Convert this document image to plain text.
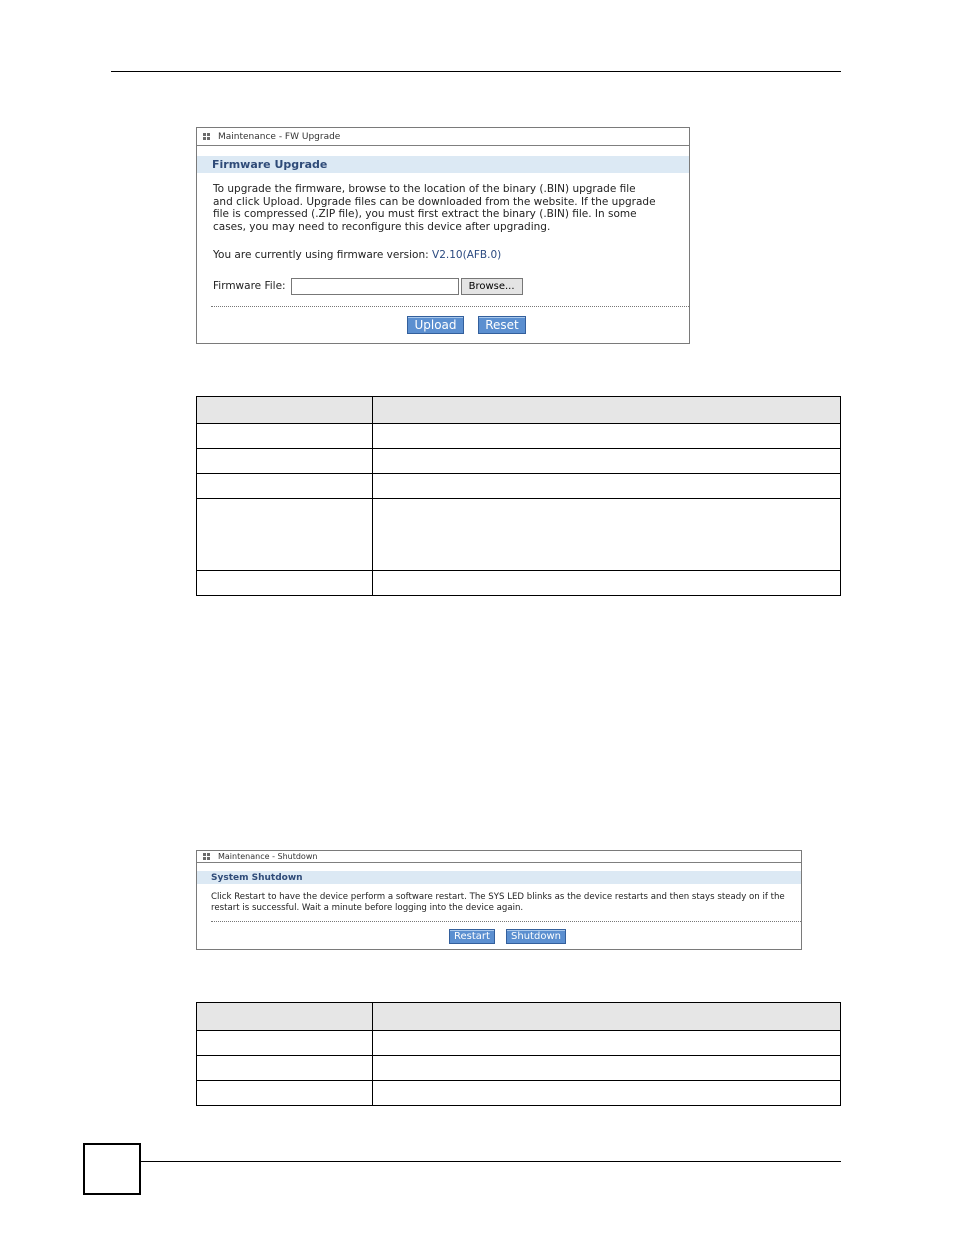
Maintenance - FW Upgrade
Firmware Upgrade
To upgrade the firmware, browse to the location of the binary (.BIN) upgrade file
and click Upload. Upgrade files can be downloaded from the website. If the upgrade
file is compressed (.ZIP file), you must first extract the binary (.BIN) file. In some
cases, you may need to reconfigure this device after upgrading.
You are currently using firmware version: V2.10(AFB.0)
Firmware File:	Browse...
Upload	Reset

Maintenance - Shutdown
System Shutdown
Click Restart to have the device perform a software restart. The SYS LED blinks as the device restarts and then stays steady on if the
restart is successful. Wait a minute before logging into the device again.
Restart	Shutdown
